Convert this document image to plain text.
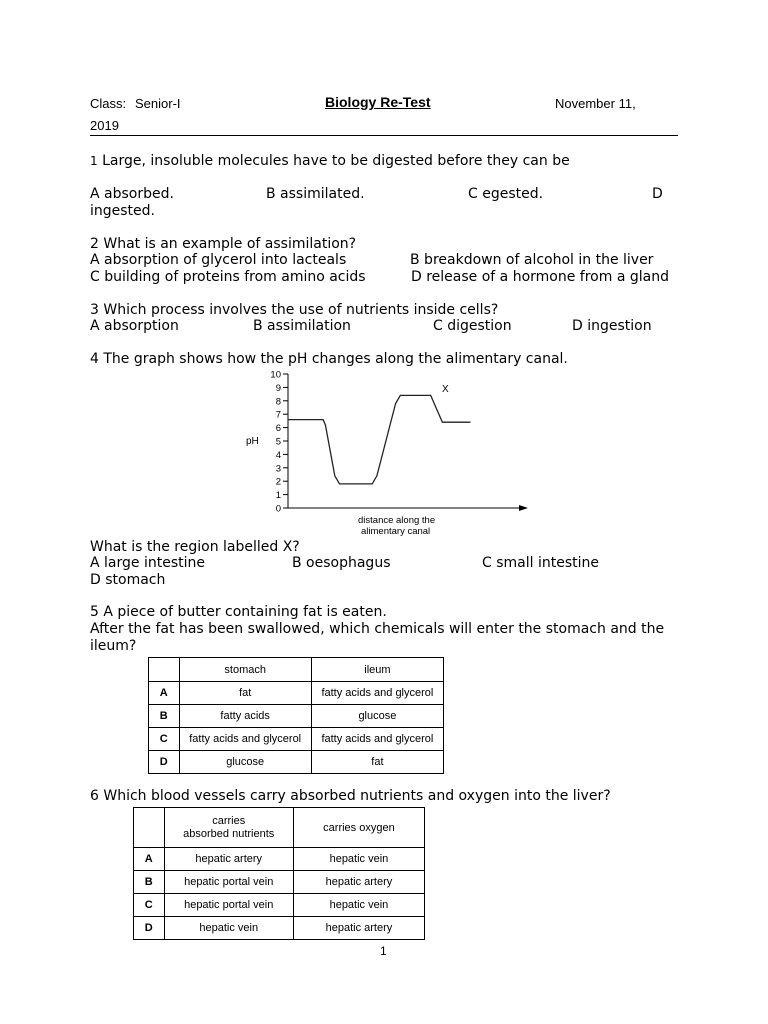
Class: Senior-I	Biology Re-Test	November 11,
2019
1 Large, insoluble molecules have to be digested before they can be
A absorbed.	B assimilated.	C egested.	D
ingested.
2 What is an example of assimilation?
A absorption of glycerol into lacteals	B breakdown of alcohol in the liver
C building of proteins from amino acids	D release of a hormone from a gland
3 Which process involves the use of nutrients inside cells?
A absorption	B assimilation	C digestion	D ingestion
4 The graph shows how the pH changes along the alimentary canal.
0
1
2
3
4
5
6
7
8
9
10
pH
distance along the
alimentary canal
X
What is the region labelled X?
A large intestine	B oesophagus	C small intestine
D stomach
5 A piece of butter containing fat is eaten.
After the fat has been swallowed, which chemicals will enter the stomach and the
ileum?
	stomach	ileum
A	fat	fatty acids and glycerol
B	fatty acids	glucose
C	fatty acids and glycerol	fatty acids and glycerol
D	glucose	fat
6 Which blood vessels carry absorbed nutrients and oxygen into the liver?

	carries
absorbed nutrients	carries oxygen
A	hepatic artery	hepatic vein
B	hepatic portal vein	hepatic artery
C	hepatic portal vein	hepatic vein
D	hepatic vein	hepatic artery
1
